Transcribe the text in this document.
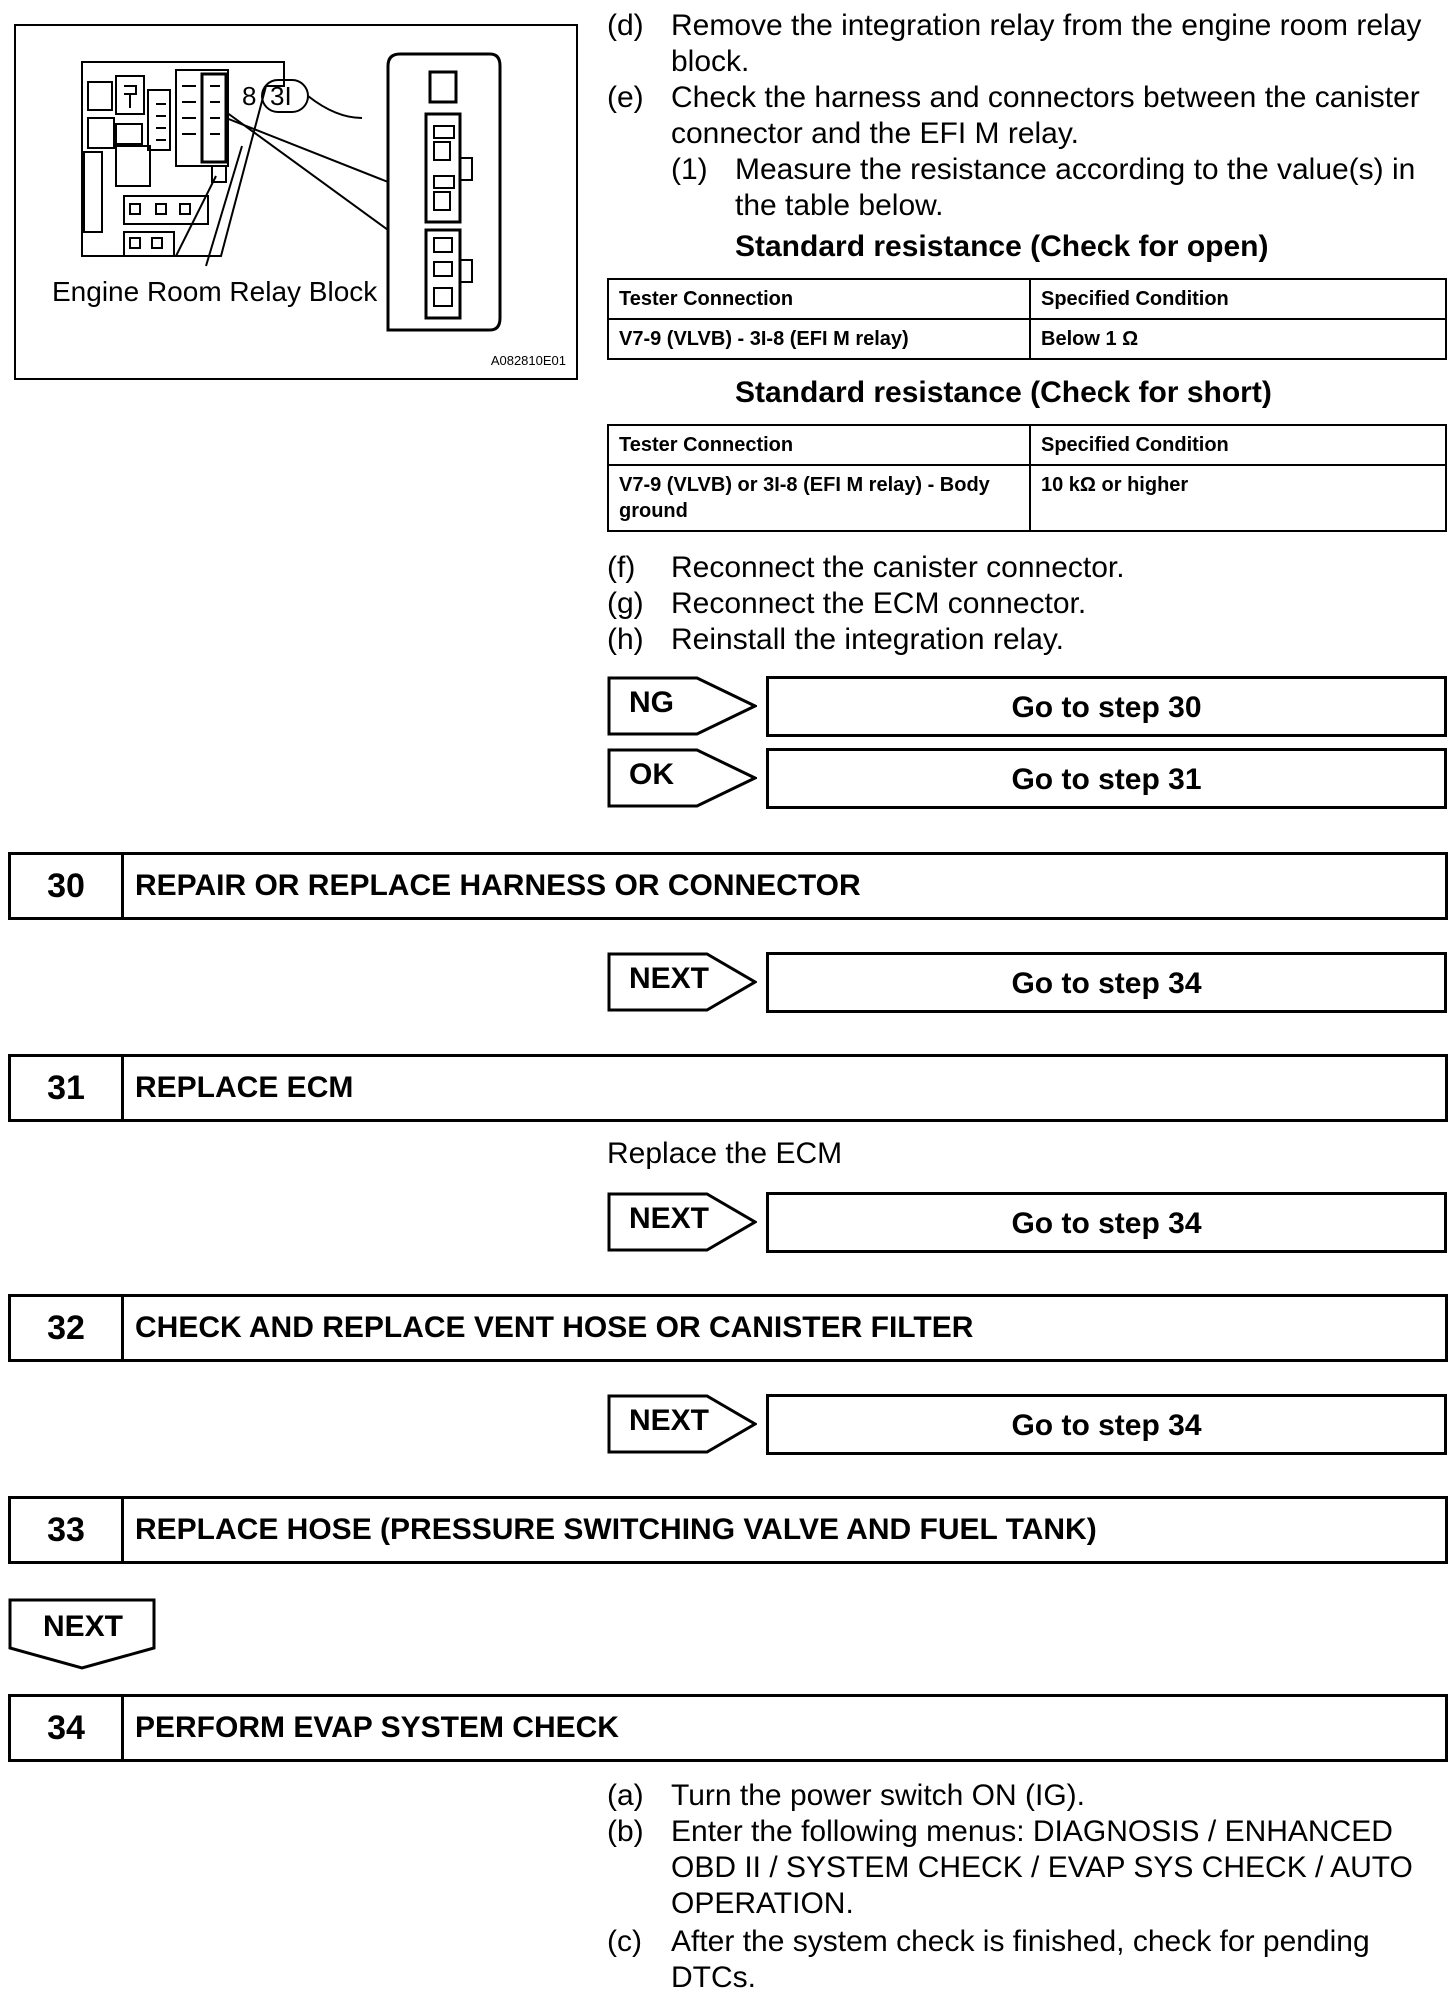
8 3I
Engine Room Relay Block
A082810E01
(d) Remove the integration relay from the engine room relay block.
(e) Check the harness and connectors between the canister connector and the EFI M relay.
(1) Measure the resistance according to the value(s) in the table below.
Standard resistance (Check for open)
Tester Connection	Specified Condition
V7-9 (VLVB) - 3I-8 (EFI M relay)	Below 1 Ω
Standard resistance (Check for short)
Tester Connection	Specified Condition
V7-9 (VLVB) or 3I-8 (EFI M relay) - Body ground	10 kΩ or higher
(f)	Reconnect the canister connector.
(g) Reconnect the ECM connector.
(h) Reinstall the integration relay.
NG	Go to step 30
OK	Go to step 31
30	REPAIR OR REPLACE HARNESS OR CONNECTOR
NEXT	Go to step 34
31	REPLACE ECM
Replace the ECM
NEXT	Go to step 34
32	CHECK AND REPLACE VENT HOSE OR CANISTER FILTER
NEXT	Go to step 34
33	REPLACE HOSE (PRESSURE SWITCHING VALVE AND FUEL TANK)
NEXT
34	PERFORM EVAP SYSTEM CHECK
(a) Turn the power switch ON (IG).
(b) Enter the following menus: DIAGNOSIS / ENHANCED OBD II / SYSTEM CHECK / EVAP SYS CHECK / AUTO OPERATION.
(c) After the system check is finished, check for pending DTCs.
